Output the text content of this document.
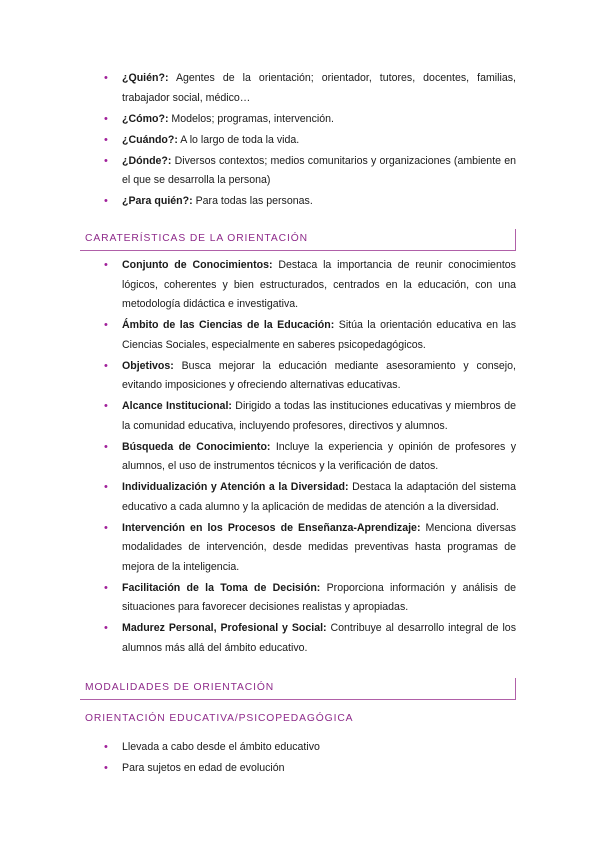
• ¿Quién?: Agentes de la orientación; orientador, tutores, docentes, familias, trabajador social, médico…
• ¿Cómo?: Modelos; programas, intervención.
• ¿Cuándo?: A lo largo de toda la vida.
• ¿Dónde?: Diversos contextos; medios comunitarios y organizaciones (ambiente en el que se desarrolla la persona)
• ¿Para quién?: Para todas las personas.
CARATERÍSTICAS DE LA ORIENTACIÓN
• Conjunto de Conocimientos: Destaca la importancia de reunir conocimientos lógicos, coherentes y bien estructurados, centrados en la educación, con una metodología didáctica e investigativa.
• Ámbito de las Ciencias de la Educación: Sitúa la orientación educativa en las Ciencias Sociales, especialmente en saberes psicopedagógicos.
• Objetivos: Busca mejorar la educación mediante asesoramiento y consejo, evitando imposiciones y ofreciendo alternativas educativas.
• Alcance Institucional: Dirigido a todas las instituciones educativas y miembros de la comunidad educativa, incluyendo profesores, directivos y alumnos.
• Búsqueda de Conocimiento: Incluye la experiencia y opinión de profesores y alumnos, el uso de instrumentos técnicos y la verificación de datos.
• Individualización y Atención a la Diversidad: Destaca la adaptación del sistema educativo a cada alumno y la aplicación de medidas de atención a la diversidad.
• Intervención en los Procesos de Enseñanza-Aprendizaje: Menciona diversas modalidades de intervención, desde medidas preventivas hasta programas de mejora de la inteligencia.
• Facilitación de la Toma de Decisión: Proporciona información y análisis de situaciones para favorecer decisiones realistas y apropiadas.
• Madurez Personal, Profesional y Social: Contribuye al desarrollo integral de los alumnos más allá del ámbito educativo.
MODALIDADES DE ORIENTACIÓN
ORIENTACIÓN EDUCATIVA/PSICOPEDAGÓGICA
• Llevada a cabo desde el ámbito educativo
• Para sujetos en edad de evolución
